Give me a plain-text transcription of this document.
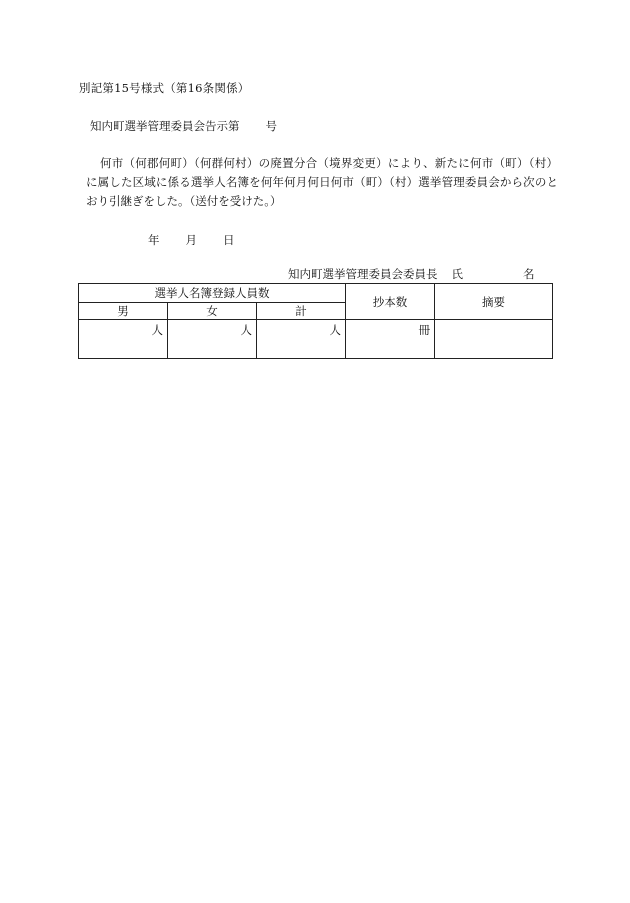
別記第15号様式（第16条関係）
知内町選挙管理委員会告示第 号
何市（何郡何町）（何群何村）の廃置分合（境界変更）により、新たに何市（町）（村）に属した区域に係る選挙人名簿を何年何月何日何市（町）（村）選挙管理委員会から次のとおり引継ぎをした。（送付を受けた。）
年 月 日
知内町選挙管理委員会委員長 氏	名
選挙人名簿登録人員数			抄本数	摘要
男	女	計		
人	人	人	冊	
